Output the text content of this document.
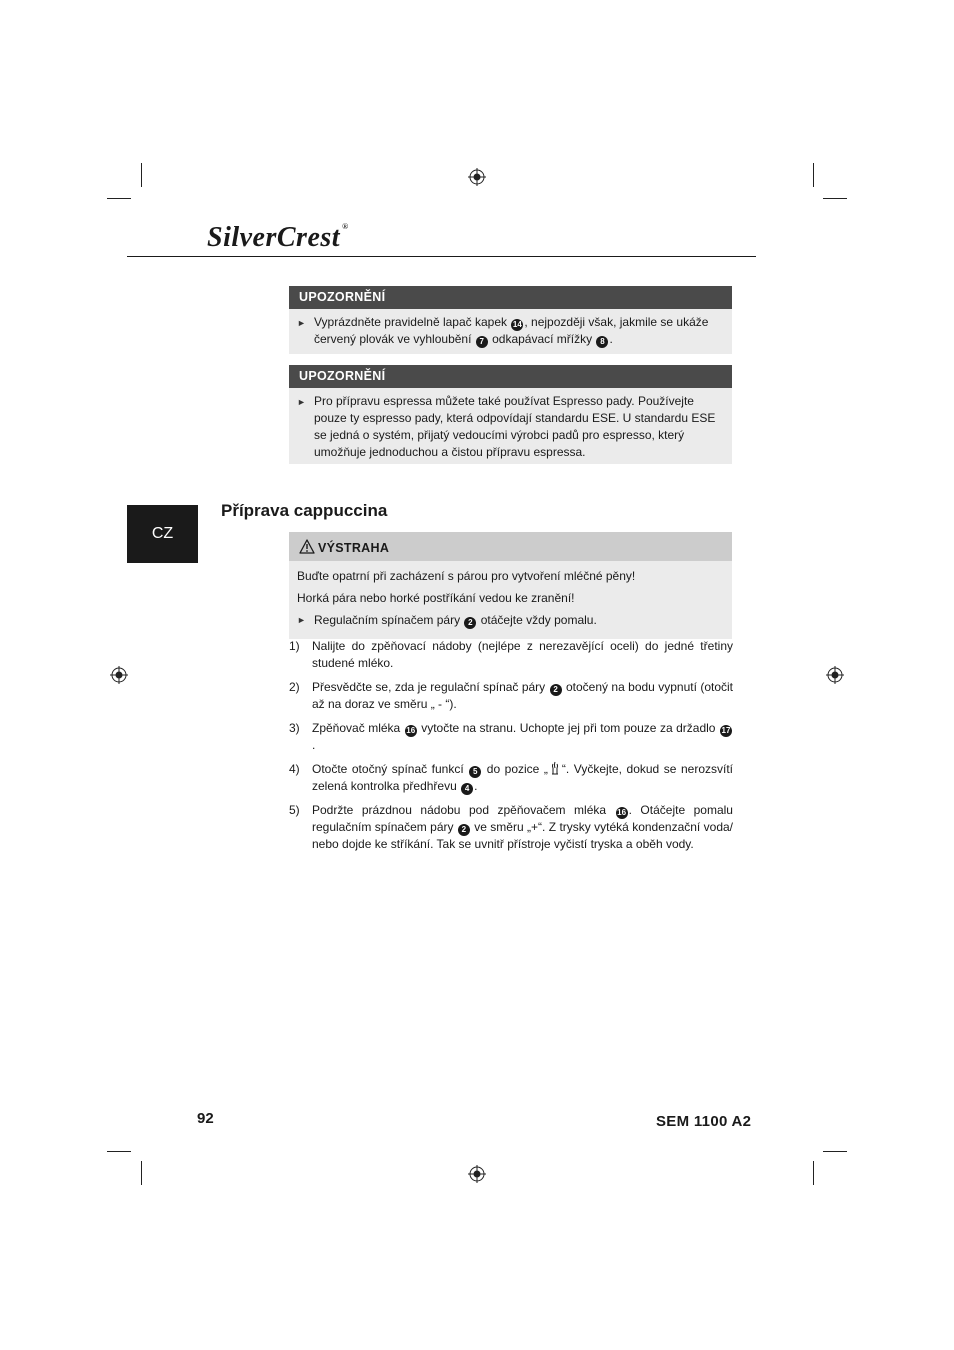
SilverCrest ®
UPOZORNĚNÍ
► Vyprázdněte pravidelně lapač kapek 14 , nejpozději však, jakmile se ukáže červený plovák ve vyhloubění 7 odkapávací mřížky 8 .
UPOZORNĚNÍ
► Pro přípravu espressa můžete také používat Espresso pady. Používejte pouze ty espresso pady, která odpovídají standardu ESE. U standardu ESE se jedná o systém, přijatý vedoucími výrobci padů pro espresso, který umožňuje jednoduchou a čistou přípravu espressa.
CZ
Příprava cappuccina
VÝSTRAHA
Buďte opatrní při zacházení s párou pro vytvoření mléčné pěny!
Horká pára nebo horké postříkání vedou ke zranění!
► Regulačním spínačem páry 2 otáčejte vždy pomalu.
1)	Nalijte do zpěňovací nádoby (nejlépe z nerezavějící oceli) do jedné třetiny studené mléko.
2)	Přesvědčte se, zda je regulační spínač páry 2 otočený na bodu vypnutí (otočit až na doraz ve směru „ - “).
3)	Zpěňovač mléka 16 vytočte na stranu. Uchopte jej při tom pouze za držadlo 17.
4)	Otočte otočný spínač funkcí 5 do pozice „ “. Vyčkejte, dokud se nerozsvítí zelená kontrolka předhřevu 4 .
5)	Podržte prázdnou nádobu pod zpěňovačem mléka 16 . Otáčejte pomalu regulačním spínačem páry 2 ve směru „+“. Z trysky vytéká kondenzační voda/ nebo dojde ke stříkání. Tak se uvnitř přístroje vyčistí tryska a oběh vody.
92	SEM 1100 A2
